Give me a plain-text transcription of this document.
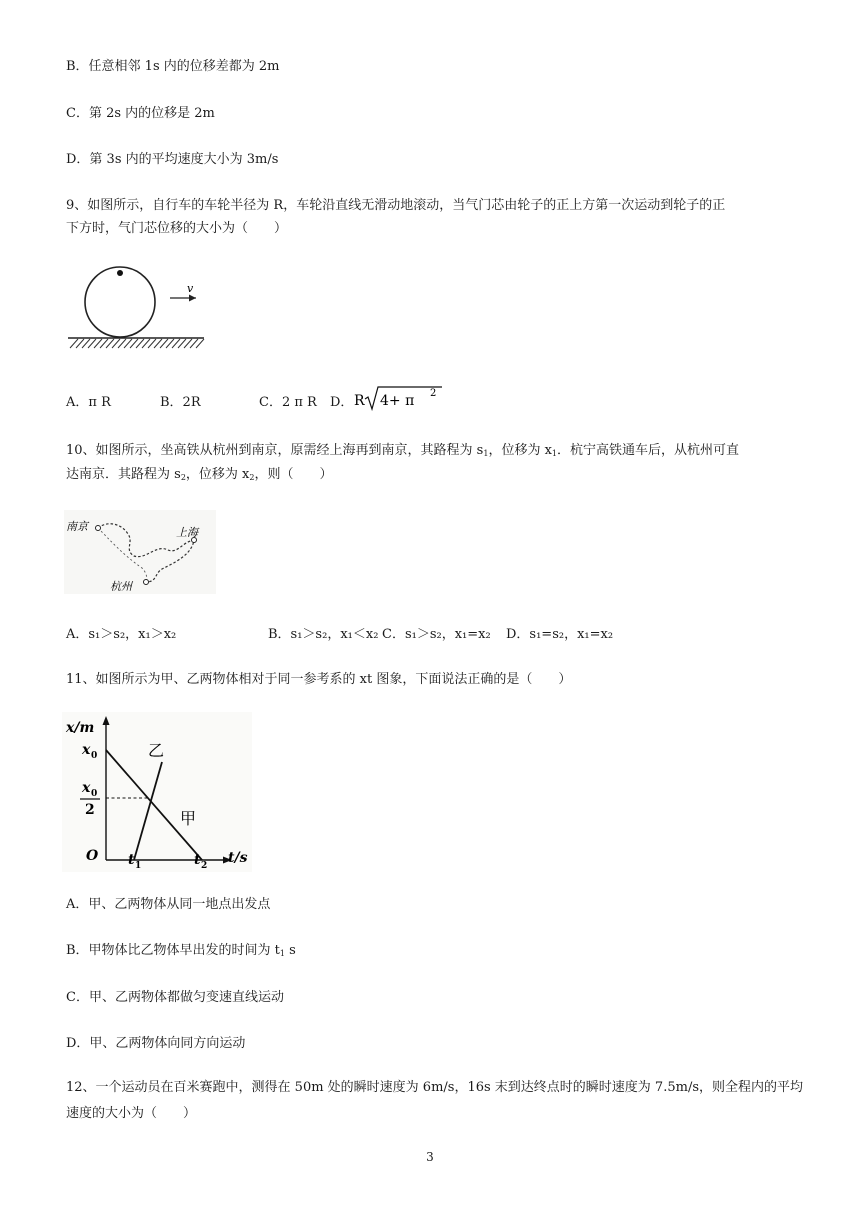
B．任意相邻 1s 内的位移差都为 2m
C．第 2s 内的位移是 2m
D．第 3s 内的平均速度大小为 3m/s
9、如图所示，自行车的车轮半径为 R，车轮沿直线无滑动地滚动，当气门芯由轮子的正上方第一次运动到轮子的正
下方时，气门芯位移的大小为（　　）
v
A．π R	B．2R	C．2 π R D． R 4+ π 2
10、如图所示，坐高铁从杭州到南京，原需经上海再到南京，其路程为 $s_1$，位移为 $x_1$．杭宁高铁通车后，从杭州可直
达南京．其路程为 $s_2$，位移为 $x_2$，则（　　）
南京	上海
杭州
A．s₁＞s₂，x₁＞x₂	B．s₁＞s₂，x₁＜x₂ C．s₁＞s₂，x₁=x₂ D．s₁=s₂，x₁=x₂
11、如图所示为甲、乙两物体相对于同一参考系的 xt 图象，下面说法正确的是（　　）
x/m
t/s
x 0
x 0
2
O t 1	t 2
乙
甲
A．甲、乙两物体从同一地点出发点
B．甲物体比乙物体早出发的时间为 $t_1$ s
C．甲、乙两物体都做匀变速直线运动
D．甲、乙两物体向同方向运动
12、一个运动员在百米赛跑中，测得在 50m 处的瞬时速度为 6m/s，16s 末到达终点时的瞬时速度为 7.5m/s，则全程内的平均速度的大小为（　　）
3
